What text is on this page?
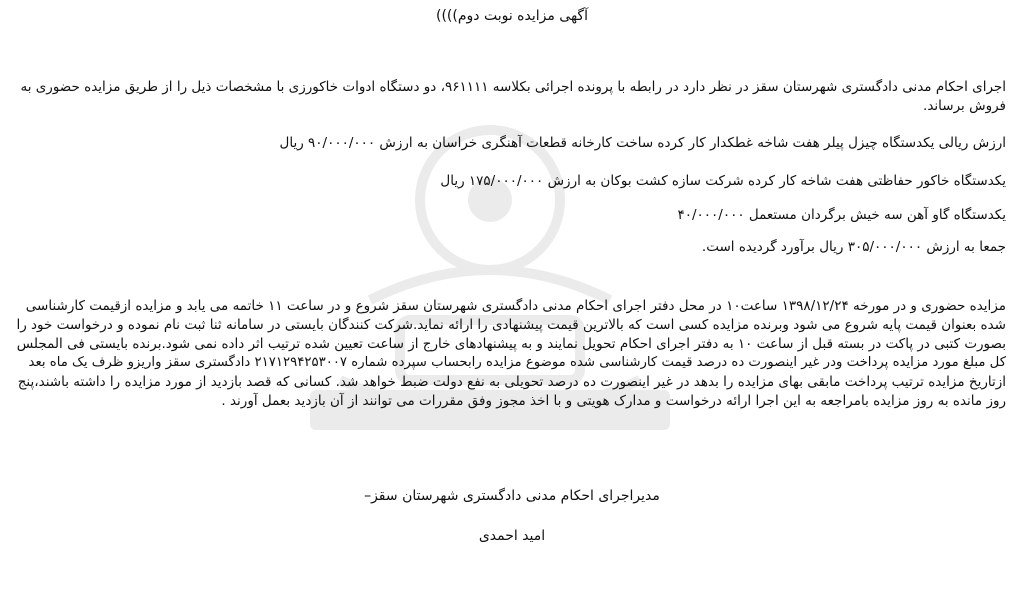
آگهی مزایده نوبت دوم))))
اجرای احکام مدنی دادگستری شهرستان سقز در نظر دارد در رابطه با پرونده اجرائی بکلاسه ۹۶۱۱۱۱، دو دستگاه ادوات خاکورزی با مشخصات ذیل را از طریق مزایده حضوری به
فروش برساند.
ارزش ریالی یکدستگاه چیزل پیلر هفت شاخه غطکدار کار کرده ساخت کارخانه قطعات آهنگری خراسان به ارزش ۹۰/۰۰۰/۰۰۰ ریال
یکدستگاه خاکور حفاظتی هفت شاخه کار کرده شرکت سازه کشت بوکان به ارزش ۱۷۵/۰۰۰/۰۰۰ ریال
یکدستگاه گاو آهن سه خیش برگردان مستعمل ۴۰/۰۰۰/۰۰۰
جمعا به ارزش ۳۰۵/۰۰۰/۰۰۰ ریال برآورد گردیده است.
مزایده حضوری و در مورخه ۱۳۹۸/۱۲/۲۴ ساعت۱۰ در محل دفتر اجرای احکام مدنی دادگستری شهرستان سقز شروع و در ساعت ۱۱ خاتمه می یابد و مزایده ازقیمت کارشناسی
شده بعنوان قیمت پایه شروع می شود وبرنده مزایده کسی است که بالاترین قیمت پیشنهادی را ارائه نماید.شرکت کنندگان بایستی در سامانه ثنا ثبت نام نموده و درخواست خود را
بصورت کتبی در پاکت در بسته قبل از ساعت ۱۰ به دفتر اجرای احکام تحویل نمایند و به پیشنهادهای خارج از ساعت تعیین شده ترتیب اثر داده نمی شود.برنده بایستی فی المجلس
کل مبلغ مورد مزایده پرداخت ودر غیر اینصورت ده درصد قیمت کارشناسی شده موضوع مزایده رابحساب سپرده شماره ۲۱۷۱۲۹۴۲۵۳۰۰۷ دادگستری سقز واریزو ظرف یک ماه بعد
ازتاریخ مزایده ترتیب پرداخت مابقی بهای مزایده را بدهد در غیر اینصورت ده درصد تحویلی به نفع دولت ضبط خواهد شد. کسانی که قصد بازدید از مورد مزایده را داشته باشند،پنج
روز مانده به روز مزایده بامراجعه به این اجرا ارائه درخواست و مدارک هویتی و با اخذ مجوز وفق مقررات می توانند از آن بازدید بعمل آورند .
مدیراجرای احکام مدنی دادگستری شهرستان سقز–
امید احمدی
